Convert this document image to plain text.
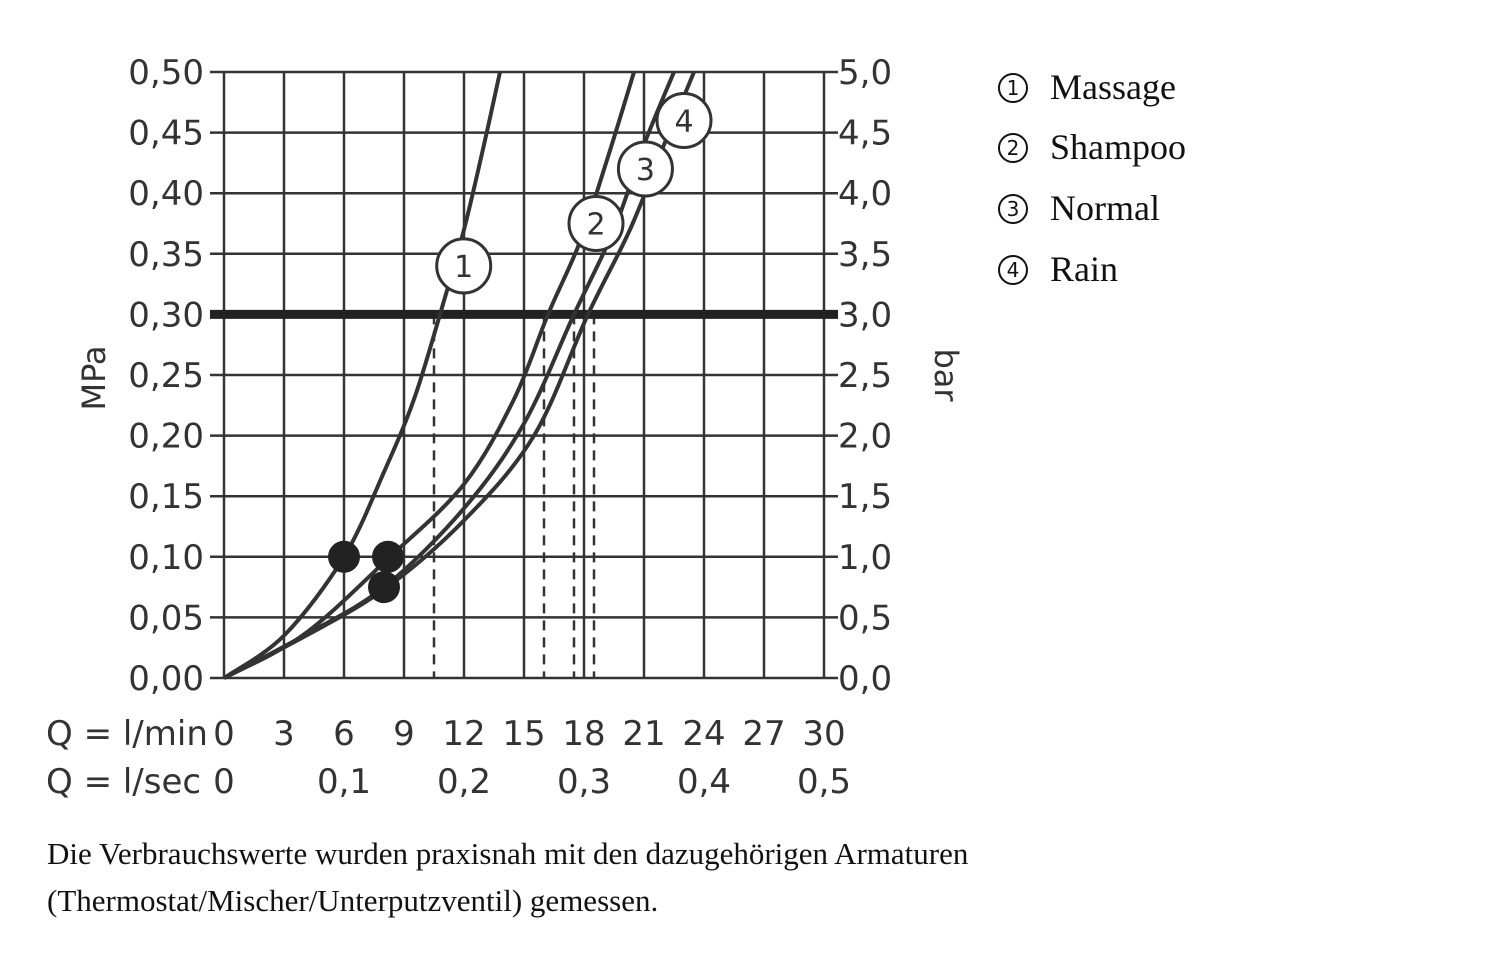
1
2
3
4
0,00
0,05
0,10
0,15
0,20
0,25
0,30
0,35
0,40
0,45
0,50
0,0
0,5
1,0
1,5
2,0
2,5
3,0
3,5
4,0
4,5
5,0
0 3 6 9 12 15 18 21 24 27 30
0 0,1 0,2 0,3 0,4 0,5
MPa	bar
Q = l/min
Q = l/sec
1 Massage
2 Shampoo
3 Normal
4 Rain
Die Verbrauchswerte wurden praxisnah mit den dazugehörigen Armaturen (Thermostat/Mischer/Unterputzventil) gemessen.
